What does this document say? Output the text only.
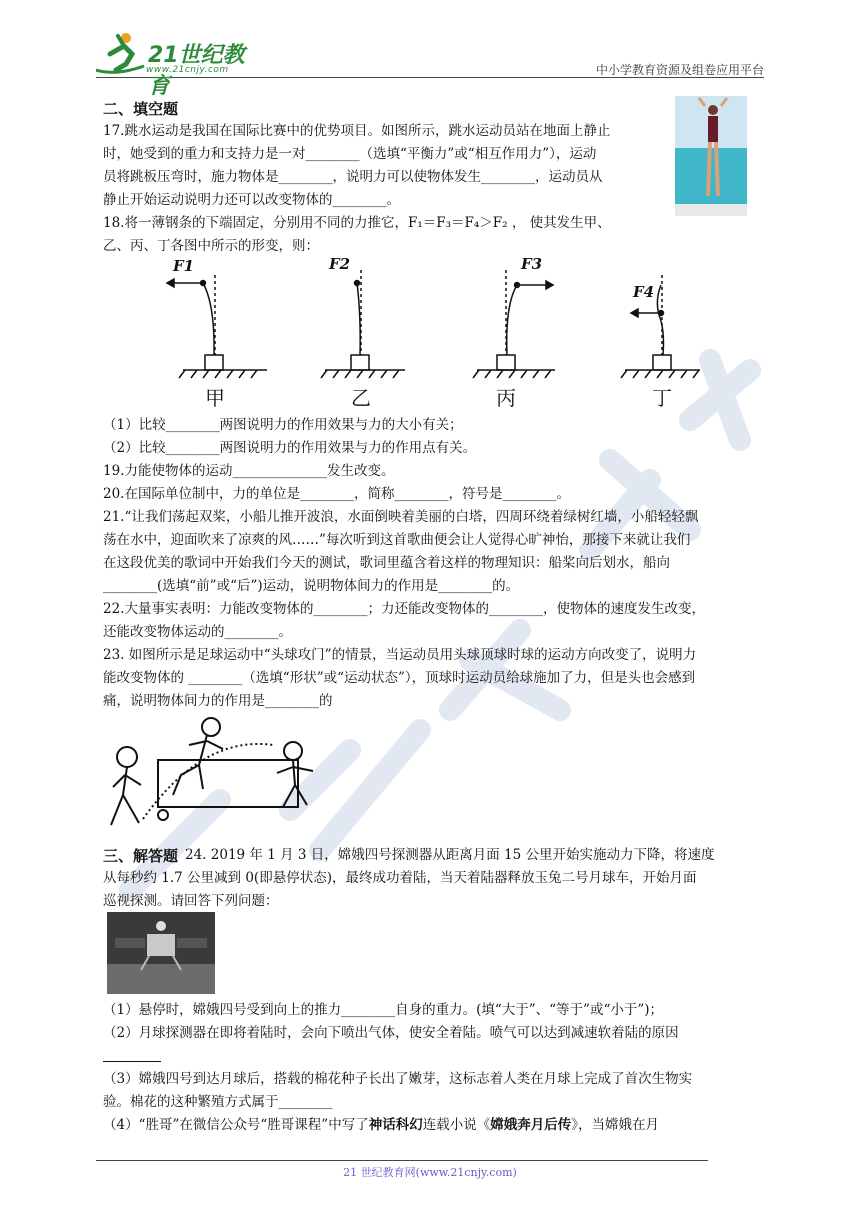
21世纪教育
www.21cnjy.com	中小学教育资源及组卷应用平台
二、填空题
17.跳水运动是我国在国际比赛中的优势项目。如图所示，跳水运动员站在地面上静止
时，她受到的重力和支持力是一对________（选填“平衡力”或“相互作用力”），运动
员将跳板压弯时，施力物体是________，说明力可以使物体发生________，运动员从
静止开始运动说明力还可以改变物体的________。
18.将一薄钢条的下端固定，分别用不同的力推它，F₁＝F₃＝F₄＞F₂ ， 使其发生甲、
乙、丙、丁各图中所示的形变，则：
F1	F2	F3
F4
甲	乙	丙	丁
（1）比较________两图说明力的作用效果与力的大小有关；
（2）比较________两图说明力的作用效果与力的作用点有关。
19.力能使物体的运动______________发生改变。
20.在国际单位制中，力的单位是________，简称________，符号是________。
21.“让我们荡起双桨，小船儿推开波浪，水面倒映着美丽的白塔，四周环绕着绿树红墙，小船轻轻飘
荡在水中，迎面吹来了凉爽的风……”每次听到这首歌曲便会让人觉得心旷神怡，那接下来就让我们
在这段优美的歌词中开始我们今天的测试，歌词里蕴含着这样的物理知识：船桨向后划水，船向
________(选填“前”或“后”)运动，说明物体间力的作用是________的。
22.大量事实表明：力能改变物体的________；力还能改变物体的________，使物体的速度发生改变，
还能改变物体运动的________。
23. 如图所示是足球运动中“头球攻门”的情景，当运动员用头球顶球时球的运动方向改变了，说明力
能改变物体的 ________（选填“形状”或“运动状态”），顶球时运动员给球施加了力，但是头也会感到
痛，说明物体间力的作用是________的
三、解答题 24. 2019 年 1 月 3 日，嫦娥四号探测器从距离月面 15 公里开始实施动力下降，将速度
从每秒约 1.7 公里减到 0(即悬停状态)，最终成功着陆，当天着陆器释放玉兔二号月球车，开始月面
巡视探测。请回答下列问题：
（1）悬停时，嫦娥四号受到向上的推力________自身的重力。(填“大于”、“等于”或“小于”)；
（2）月球探测器在即将着陆时，会向下喷出气体，使安全着陆。喷气可以达到减速软着陆的原因
（3）嫦娥四号到达月球后，搭载的棉花种子长出了嫩芽，这标志着人类在月球上完成了首次生物实
验。棉花的这种繁殖方式属于________
（4）“胜哥”在微信公众号“胜哥课程”中写了神话科幻连载小说《嫦娥奔月后传》，当嫦娥在月
21 世纪教育网(www.21cnjy.com)
